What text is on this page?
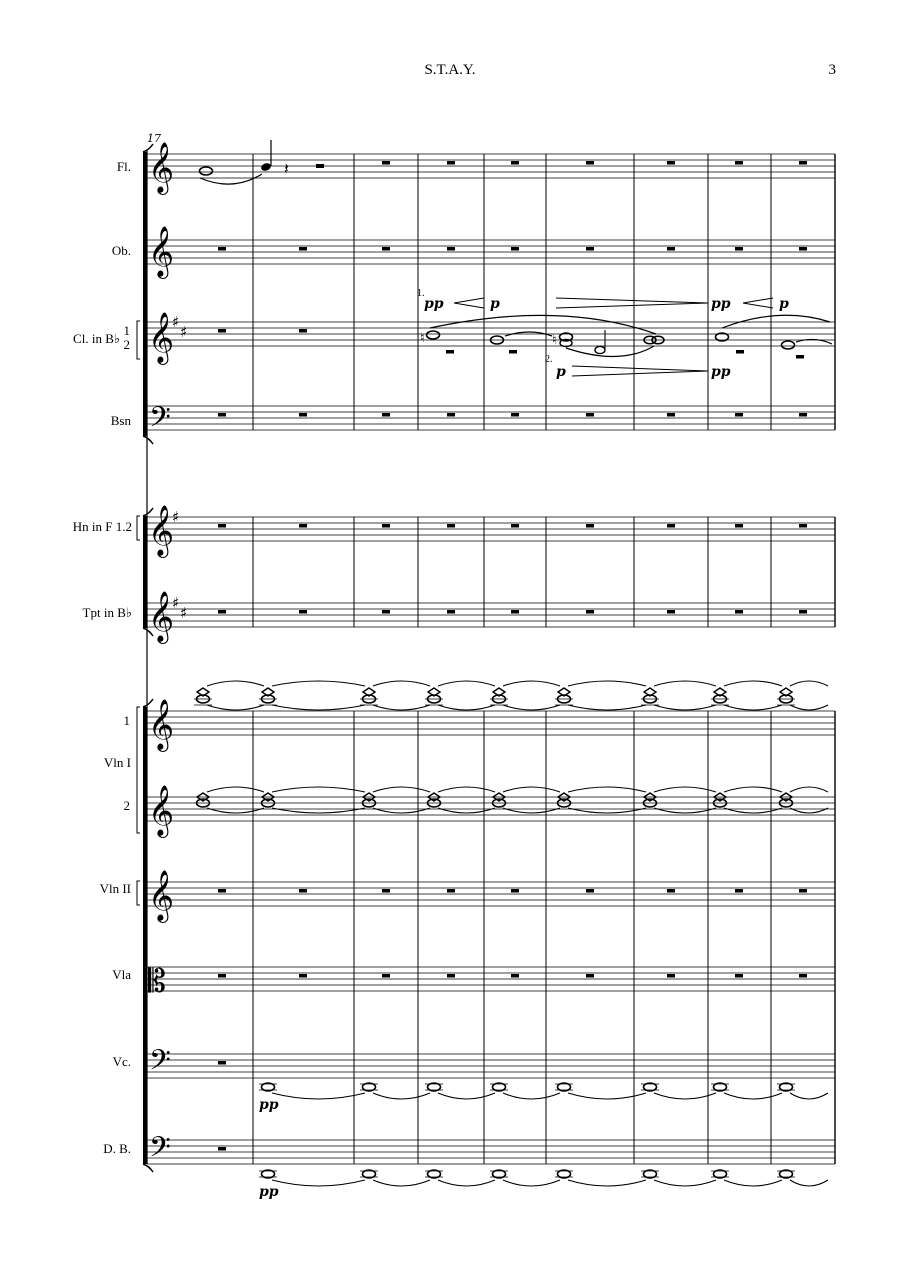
S.T.A.Y.	3
17
Fl.
Ob.
Cl. in B♭
1
2
Bsn
Hn in F 1.2
Tpt in B♭
1
Vln I
2
Vln II
Vla
Vc.
D. B.
𝄞
𝄞
𝄞
𝄢
𝄞
𝄞
𝄞
𝄞
𝄞
𝄡
𝄢
𝄢
♯
♯
♯
♯
♯
𝄽
1.
2.
pp	p	pp	p
♮	♮
p	pp
pp
pp
